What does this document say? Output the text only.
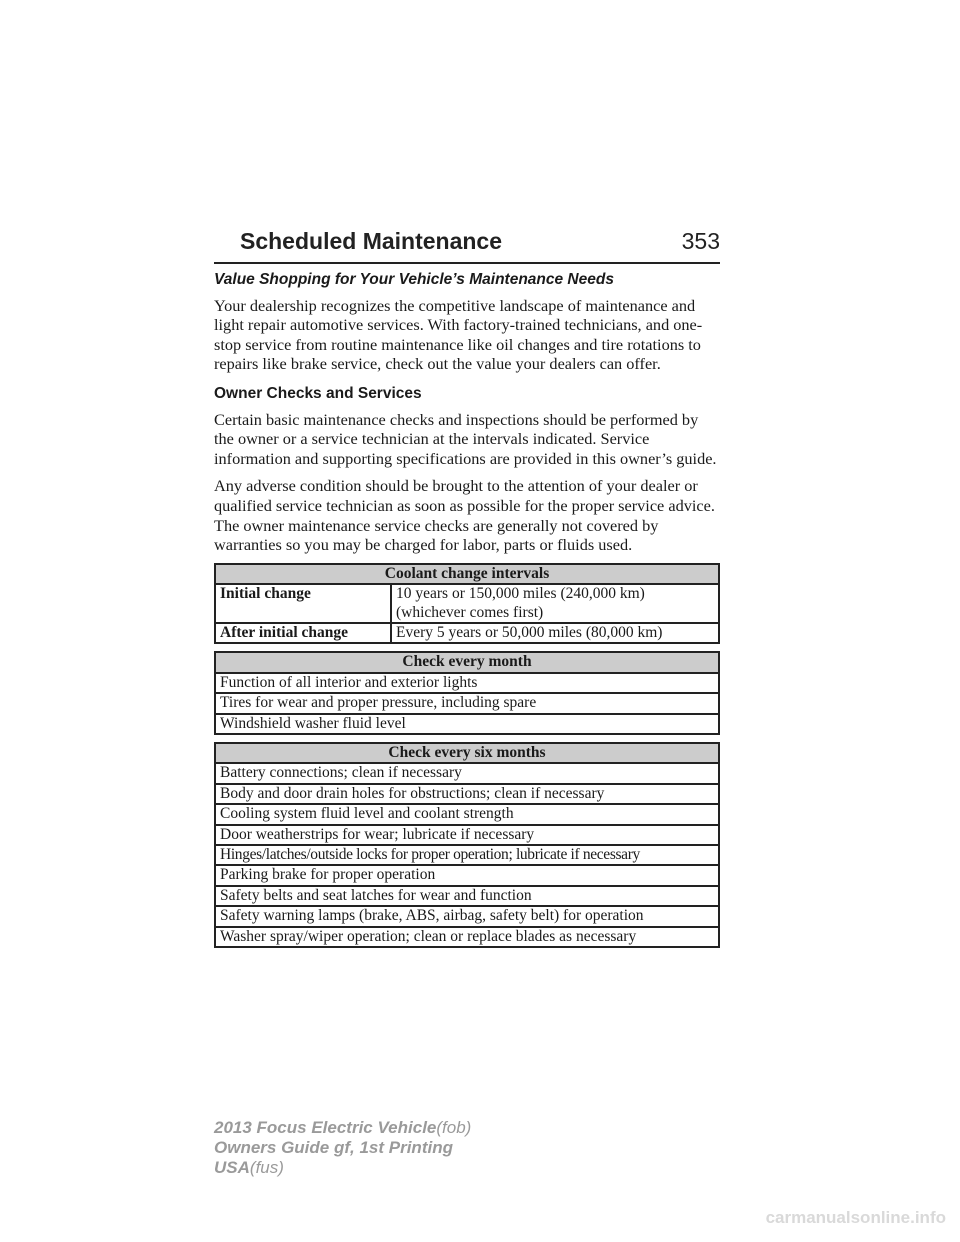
Scheduled Maintenance	353
Value Shopping for Your Vehicle’s Maintenance Needs

Your dealership recognizes the competitive landscape of maintenance and light repair automotive services. With factory-trained technicians, and one-stop service from routine maintenance like oil changes and tire rotations to repairs like brake service, check out the value your dealers can offer.

Owner Checks and Services

Certain basic maintenance checks and inspections should be performed by the owner or a service technician at the intervals indicated. Service information and supporting specifications are provided in this owner’s guide.

Any adverse condition should be brought to the attention of your dealer or qualified service technician as soon as possible for the proper service advice. The owner maintenance service checks are generally not covered by warranties so you may be charged for labor, parts or fluids used.

Coolant change intervals	
Initial change	10 years or 150,000 miles (240,000 km) (whichever comes first)
After initial change	Every 5 years or 50,000 miles (80,000 km)
Check every month
Function of all interior and exterior lights
Tires for wear and proper pressure, including spare
Windshield washer fluid level
Check every six months
Battery connections; clean if necessary
Body and door drain holes for obstructions; clean if necessary
Cooling system fluid level and coolant strength
Door weatherstrips for wear; lubricate if necessary
Hinges/latches/outside locks for proper operation; lubricate if necessary
Parking brake for proper operation
Safety belts and seat latches for wear and function
Safety warning lamps (brake, ABS, airbag, safety belt) for operation
Washer spray/wiper operation; clean or replace blades as necessary
2013 Focus Electric Vehicle(fob)
Owners Guide gf, 1st Printing
USA(fus)
carmanualsonline.info
